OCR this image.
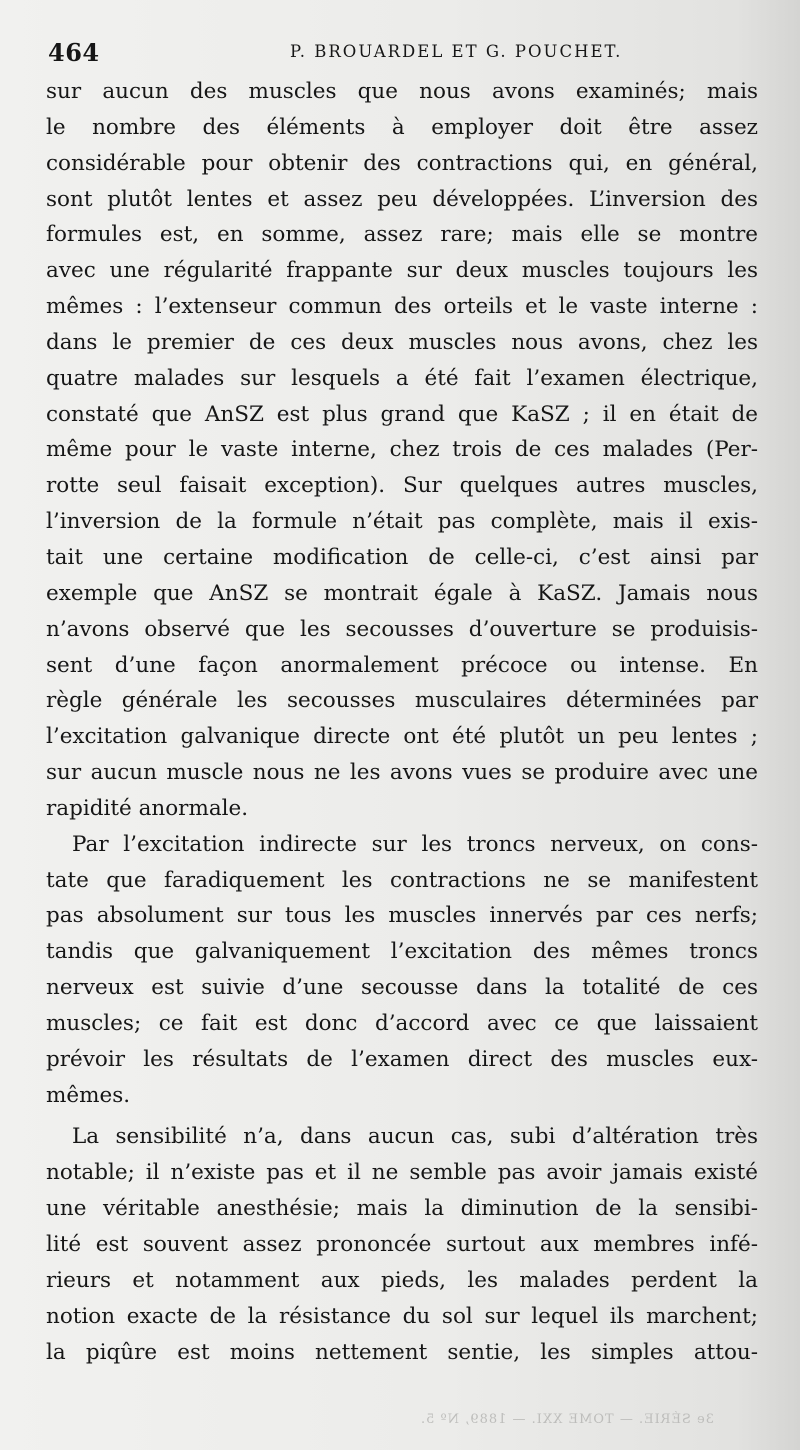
464	P. BROUARDEL ET G. POUCHET.
sur aucun des muscles que nous avons examinés; mais
le nombre des éléments à employer doit être assez
considérable pour obtenir des contractions qui, en général,
sont plutôt lentes et assez peu développées. L’inversion des
formules est, en somme, assez rare; mais elle se montre
avec une régularité frappante sur deux muscles toujours les
mêmes : l’extenseur commun des orteils et le vaste interne :
dans le premier de ces deux muscles nous avons, chez les
quatre malades sur lesquels a été fait l’examen électrique,
constaté que AnSZ est plus grand que KaSZ ; il en était de
même pour le vaste interne, chez trois de ces malades (Per-
rotte seul faisait exception). Sur quelques autres muscles,
l’inversion de la formule n’était pas complète, mais il exis-
tait une certaine modification de celle-ci, c’est ainsi par
exemple que AnSZ se montrait égale à KaSZ. Jamais nous
n’avons observé que les secousses d’ouverture se produisis-
sent d’une façon anormalement précoce ou intense. En
règle générale les secousses musculaires déterminées par
l’excitation galvanique directe ont été plutôt un peu lentes ;
sur aucun muscle nous ne les avons vues se produire avec une
rapidité anormale.
Par l’excitation indirecte sur les troncs nerveux, on cons-
tate que faradiquement les contractions ne se manifestent
pas absolument sur tous les muscles innervés par ces nerfs;
tandis que galvaniquement l’excitation des mêmes troncs
nerveux est suivie d’une secousse dans la totalité de ces
muscles; ce fait est donc d’accord avec ce que laissaient
prévoir les résultats de l’examen direct des muscles eux-
mêmes.
La sensibilité n’a, dans aucun cas, subi d’altération très
notable; il n’existe pas et il ne semble pas avoir jamais existé
une véritable anesthésie; mais la diminution de la sensibi-
lité est souvent assez prononcée surtout aux membres infé-
rieurs et notamment aux pieds, les malades perdent la
notion exacte de la résistance du sol sur lequel ils marchent;
la piqûre est moins nettement sentie, les simples attou-
3e SÉRIE. — TOME XXI. — 1889, Nº 5.
